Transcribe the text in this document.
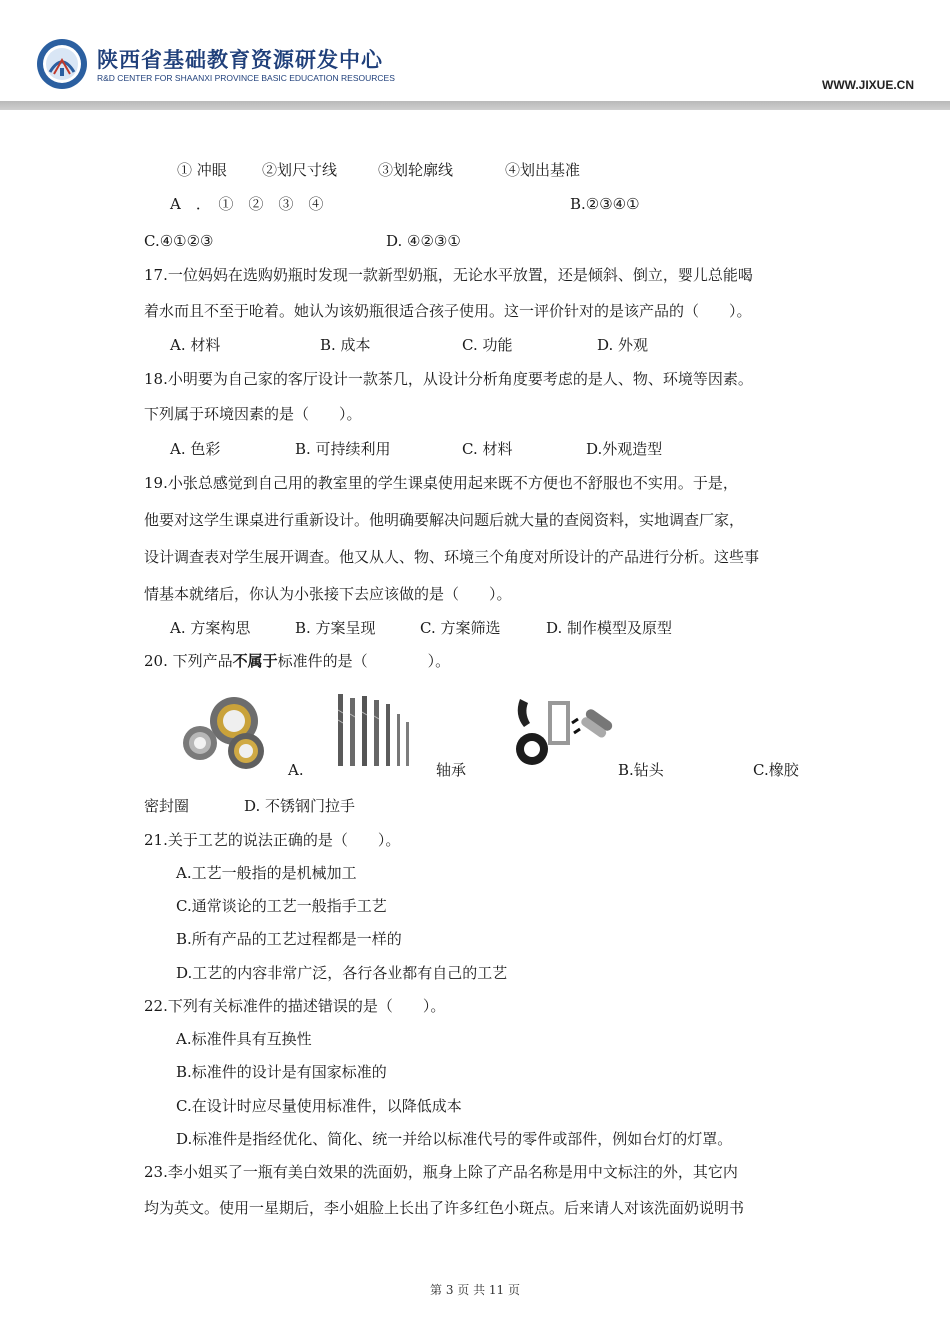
陕西省基础教育资源研发中心
R&D CENTER FOR SHAANXI PROVINCE BASIC EDUCATION RESOURCES	WWW.JIXUE.CN
① 冲眼 ②划尺寸线	③划轮廓线	④划出基准
A　．　①　②　③　④	B.②③④①
C.④①②③	D. ④②③①
17.一位妈妈在选购奶瓶时发现一款新型奶瓶，无论水平放置，还是倾斜、倒立，婴儿总能喝
着水而且不至于呛着。她认为该奶瓶很适合孩子使用。这一评价针对的是该产品的（　　）。
A. 材料	B. 成本	C. 功能	D. 外观
18.小明要为自己家的客厅设计一款茶几，从设计分析角度要考虑的是人、物、环境等因素。
下列属于环境因素的是（　　）。
A. 色彩	B. 可持续利用	C. 材料	D.外观造型
19.小张总感觉到自己用的教室里的学生课桌使用起来既不方便也不舒服也不实用。于是，
他要对这学生课桌进行重新设计。他明确要解决问题后就大量的查阅资料，实地调查厂家，
设计调查表对学生展开调查。他又从人、物、环境三个角度对所设计的产品进行分析。这些事
情基本就绪后，你认为小张接下去应该做的是（　　）。
A. 方案构思	B. 方案呈现	C. 方案筛选	D. 制作模型及原型
20. 下列产品不属于标准件的是（　　　　）。
A.	轴承	B.钻头	C.橡胶
密封圈	D. 不锈钢门拉手
21.关于工艺的说法正确的是（　　）。
A.工艺一般指的是机械加工
C.通常谈论的工艺一般指手工艺
B.所有产品的工艺过程都是一样的
D.工艺的内容非常广泛，各行各业都有自己的工艺
22.下列有关标准件的描述错误的是（　　）。
A.标准件具有互换性
B.标准件的设计是有国家标准的
C.在设计时应尽量使用标准件，以降低成本
D.标准件是指经优化、简化、统一并给以标准代号的零件或部件，例如台灯的灯罩。
23.李小姐买了一瓶有美白效果的洗面奶，瓶身上除了产品名称是用中文标注的外，其它内
均为英文。使用一星期后，李小姐脸上长出了许多红色小斑点。后来请人对该洗面奶说明书
第 3 页 共 11 页
